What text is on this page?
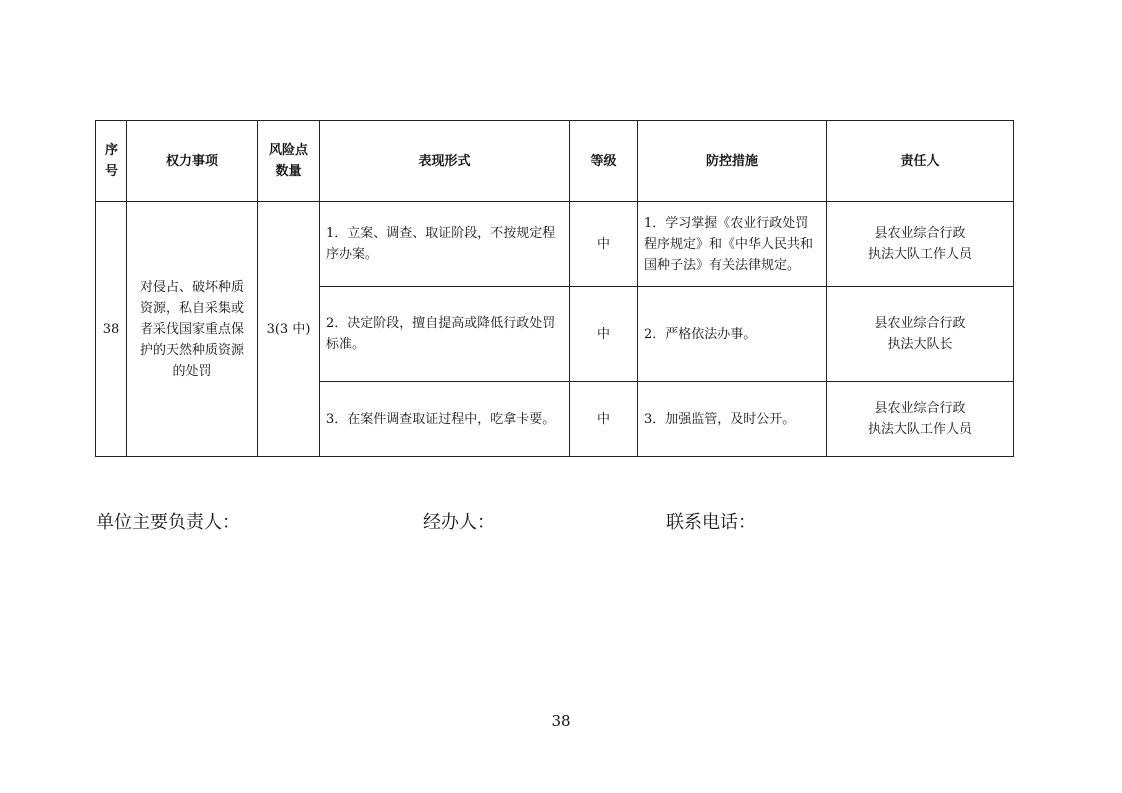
序号	权力事项	风险点数量	表现形式	等级	防控措施	责任人

38	对侵占、破坏种质资源，私自采集或者采伐国家重点保护的天然种质资源的处罚	3(3 中)	1．立案、调查、取证阶段，不按规定程序办案。	中	1．学习掌握《农业行政处罚程序规定》和《中华人民共和国种子法》有关法律规定。	县农业综合行政
执法大队工作人员

			2．决定阶段，擅自提高或降低行政处罚标准。	中	2．严格依法办事。	县农业综合行政
执法大队长

			3．在案件调查取证过程中，吃拿卡要。	中	3．加强监管，及时公开。	县农业综合行政
执法大队工作人员
单位主要负责人：	经办人：	联系电话：
38
